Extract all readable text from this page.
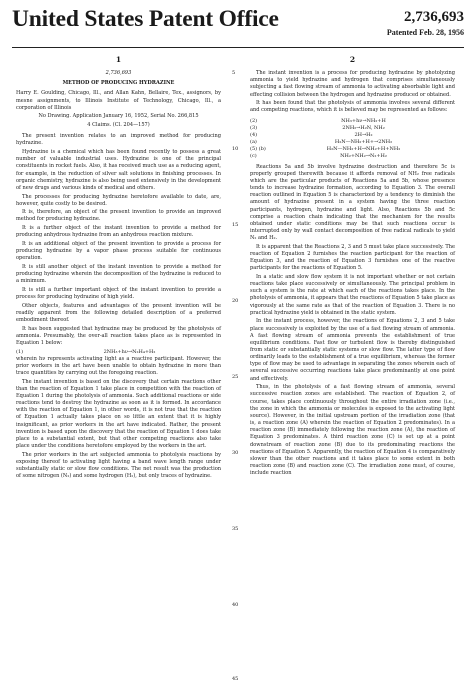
United States Patent Office	2,736,693
Patented Feb. 28, 1956
1
2,736,693
METHOD OF PRODUCING HYDRAZINE

Harry E. Goulding, Chicago, Ill., and Allan Kahn, Bellaire, Tex., assignors, by mesne assignments, to Illinois Institute of Technology, Chicago, Ill., a corporation of Illinois

No Drawing. Application January 16, 1952, Serial No. 266,815

4 Claims. (Cl. 204—157)

The present invention relates to an improved method for producing hydrazine.

Hydrazine is a chemical which has been found recently to possess a great number of valuable industrial uses. Hydrazine is one of the principal constituents in rocket fuels. Also, it has received much use as a reducing agent, for example, in the reduction of silver salt solutions in finishing processes. In organic chemistry, hydrazine is also being used extensively in the development of new drugs and various kinds of medical and others.

The processes for producing hydrazine heretofore available to date, are, however, quite costly to be desired.

It is, therefore, an object of the present invention to provide an improved method for producing hydrazine.

It is a further object of the instant invention to provide a method for producing anhydrous hydrazine from an anhydrous reaction mixture.

It is an additional object of the present invention to provide a process for producing hydrazine by a vapor phase process suitable for continuous operation.

It is still another object of the instant invention to provide a method for producing hydrazine wherein the decomposition of the hydrazine is reduced to a minimum.

It is still a further important object of the instant invention to provide a process for producing hydrazine of high yield.

Other objects, features and advantages of the present invention will be readily apparent from the following detailed description of a preferred embodiment thereof.

It has been suggested that hydrazine may be produced by the photolysis of ammonia. Presumably, the over-all reaction takes place as is represented in Equation 1 below:

(1)	2NH₃+hν→N₂H₄+H₂

wherein hν represents activating light as a reactive participant. However, the prior workers in the art have been unable to obtain hydrazine in more than trace quantities by carrying out the foregoing reaction.

The instant invention is based on the discovery that certain reactions other than the reaction of Equation 1 take place in competition with the reaction of Equation 1 during the photolysis of ammonia. Such additional reactions or side reactions tend to destroy the hydrazine as soon as it is formed. In accordance with the reaction of Equation 1, in other words, it is not true that the reaction of Equation 1 actually takes place on so little an extent that it is highly insignificant, as prior workers in the art have indicated. Rather, the present invention is based upon the discovery that the reaction of Equation 1 does take place to a substantial extent, but that other competing reactions also take place under the conditions heretofore employed by the workers in the art.

The prior workers in the art subjected ammonia to photolysis reactions by exposing thereof to activating light having a band wave length range under substantially static or slow flow conditions. The net result was the production of some nitrogen (N₂) and some hydrogen (H₂), but only traces of hydrazine.

5
10
15
20
25
30
35
40
45
2

The instant invention is a process for producing hydrazine by photolyzing ammonia to yield hydrazine and hydrogen that comprises simultaneously subjecting a fast flowing stream of ammonia to activating absorbable light and effecting collision between the hydrogen and hydrazine produced or obtained.

It has been found that the photolysis of ammonia involves several different and competing reactions, which it is believed may be represented as follows:

(2)	NH₃+hν→NH₂+H
(3)	2NH₂→H₂N, NH₂
(4)	2H→H₂
(a)	H₂N—NH₂+H+→2NH₂
(5) (b)	H₂N—NH₂+H→NH₂+H+NH₂
(c)	NH₂+NH₂→N₂+H₂

Reactions 5a and 5b involve hydrazine destruction and therefore 5c is properly grouped therewith because it affords removal of NH₂ free radicals which are the particular products of Reactions 5a and 5b, whose presence tends to increase hydrazine formation, according to Equation 3. The overall reaction outlined in Equation 5 is characterized by a tendency to diminish the amount of hydrazine present in a system having the three reaction participants, hydrogen, hydrazine and light. Also, Reactions 5b and 5c comprise a reaction chain indicating that the mechanism for the results obtained under static conditions may be that such reactions occur is interrupted only by wall contact decomposition of free radical radicals to yield N₂ and H₂.

It is apparent that the Reactions 2, 3 and 5 must take place successively. The reaction of Equation 2 furnishes the reaction participant for the reaction of Equation 3, and the reaction of Equation 3 furnishes one of the reactive participants for the reactions of Equation 5.

In a static and slow flow system it is not important whether or not certain reactions take place successively or simultaneously. The principal problem in such a system is the rate at which each of the reactions takes place. In the photolysis of ammonia, it appears that the reactions of Equation 5 take place as vigorously at the same rate as that of the reaction of Equation 3. There is no practical hydrazine yield is obtained in the static system.

In the instant process, however, the reactions of Equations 2, 3 and 5 take place successively is exploited by the use of a fast flowing stream of ammonia. A fast flowing stream of ammonia prevents the establishment of true equilibrium conditions. Fast flow or turbulent flow is thereby distinguished from static or substantially static systems or slow flow. The latter type of flow ordinarily leads to the establishment of a true equilibrium, whereas the former type of flow may be used to advantage in separating the zones wherein each of several successive occurring reactions take place predominantly at one point and effectively.

Thus, in the photolysis of a fast flowing stream of ammonia, several successive reaction zones are established. The reaction of Equation 2, of course, takes place continuously throughout the entire irradiation zone (i.e., the zone in which the ammonia or molecules is exposed to the activating light source). However, in the initial upstream portion of the irradiation zone (that is, a reaction zone (A) wherein the reaction of Equation 2 predominates). In a reaction zone (B) immediately following the reaction zone (A), the reaction of Equation 3 predominates. A third reaction zone (C) is set up at a point downstream of reaction zone (B) due to its predominating reactions the reactions of Equation 5. Apparently, the reaction of Equation 4 is comparatively slower than the other reactions and it takes place to some extent in both reaction zone (B) and reaction zone (C). The irradiation zone must, of course, include reaction
